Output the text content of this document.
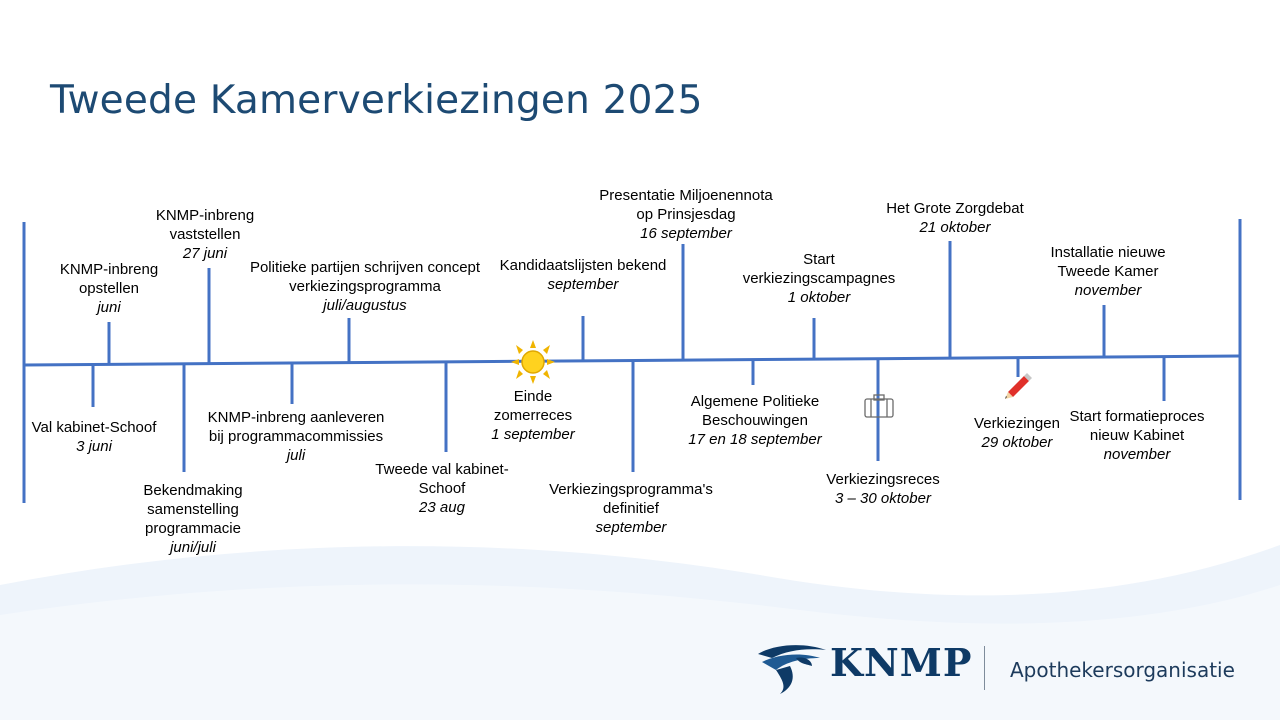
Tweede Kamerverkiezingen 2025
KNMP-inbreng
opstellen
juni
KNMP-inbreng
vaststellen
27 juni
Politieke partijen schrijven concept
verkiezingsprogramma
juli/augustus
Kandidaatslijsten bekend
september
Presentatie Miljoenennota
op Prinsjesdag
16 september
Start
verkiezingscampagnes
1 oktober
Het Grote Zorgdebat
21 oktober
Installatie nieuwe
Tweede Kamer
november
Val kabinet-Schoof
3 juni
Bekendmaking
samenstelling
programmacie
juni/juli
KNMP-inbreng aanleveren
bij programmacommissies
juli
Tweede val kabinet-
Schoof
23 aug
Einde
zomerreces
1 september
Verkiezingsprogramma's
definitief
september
Algemene Politieke
Beschouwingen
17 en 18 september
Verkiezingsreces
3 – 30 oktober
Verkiezingen
29 oktober
Start formatieproces
nieuw Kabinet
november
KNMP Apothekersorganisatie
